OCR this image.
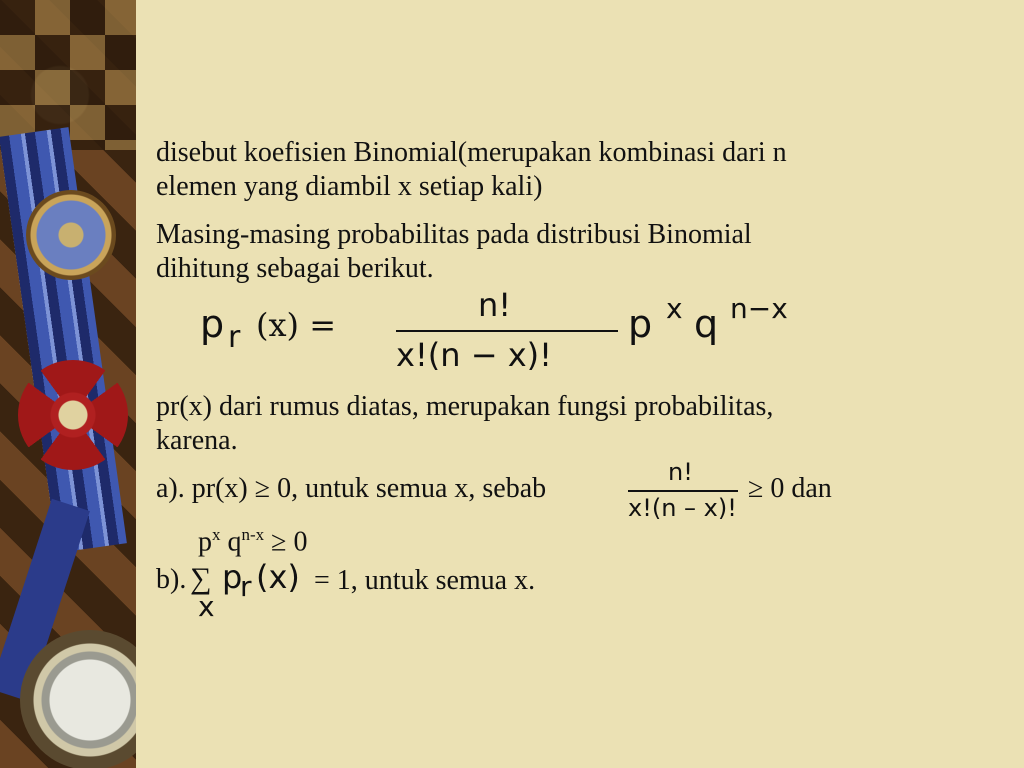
disebut koefisien Binomial(merupakan kombinasi dari n

elemen yang diambil x setiap kali)

Masing-masing probabilitas pada distribusi Binomial

dihitung sebagai berikut.

p r (x) =
n!
x!(n − x)!
p x q n−x

pr(x) dari rumus diatas, merupakan fungsi probabilitas,

karena.

a). pr(x) ≥ 0, untuk semua x, sebab

n!
x!(n – x)!

≥ 0 dan

$p^x$ $q^{n-x} \ge 0$
b). ∑ p
r (x)
x

= 1, untuk semua x.
